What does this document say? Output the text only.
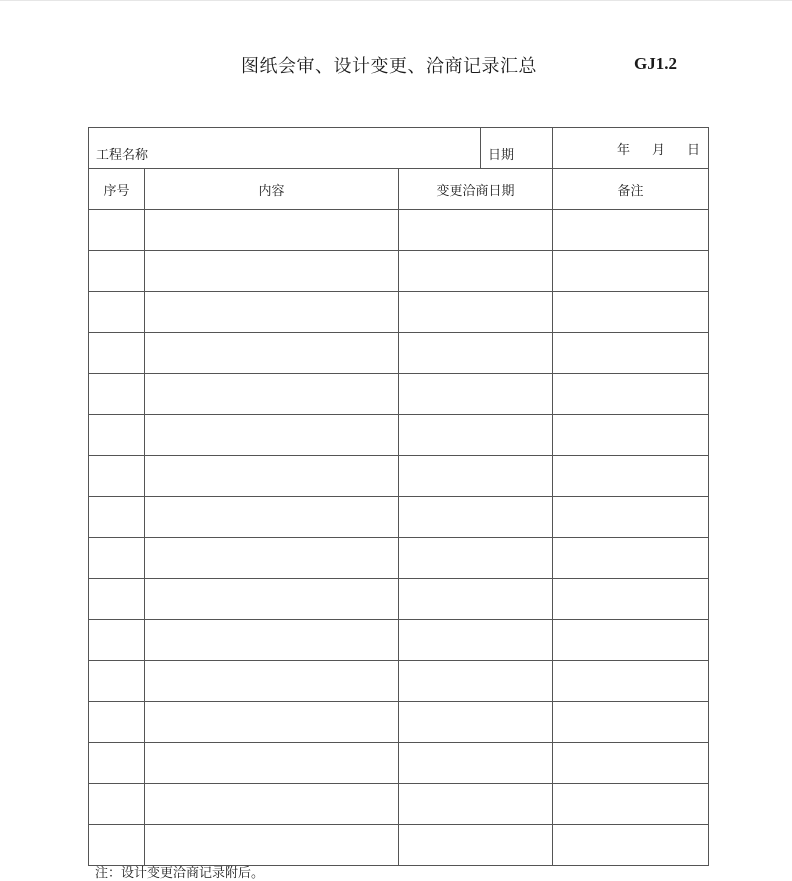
图纸会审、设计变更、洽商记录汇总	GJ1.2
工程名称			日期	年 月 日
序号	内容	变更洽商日期		备注

注：设计变更洽商记录附后。
